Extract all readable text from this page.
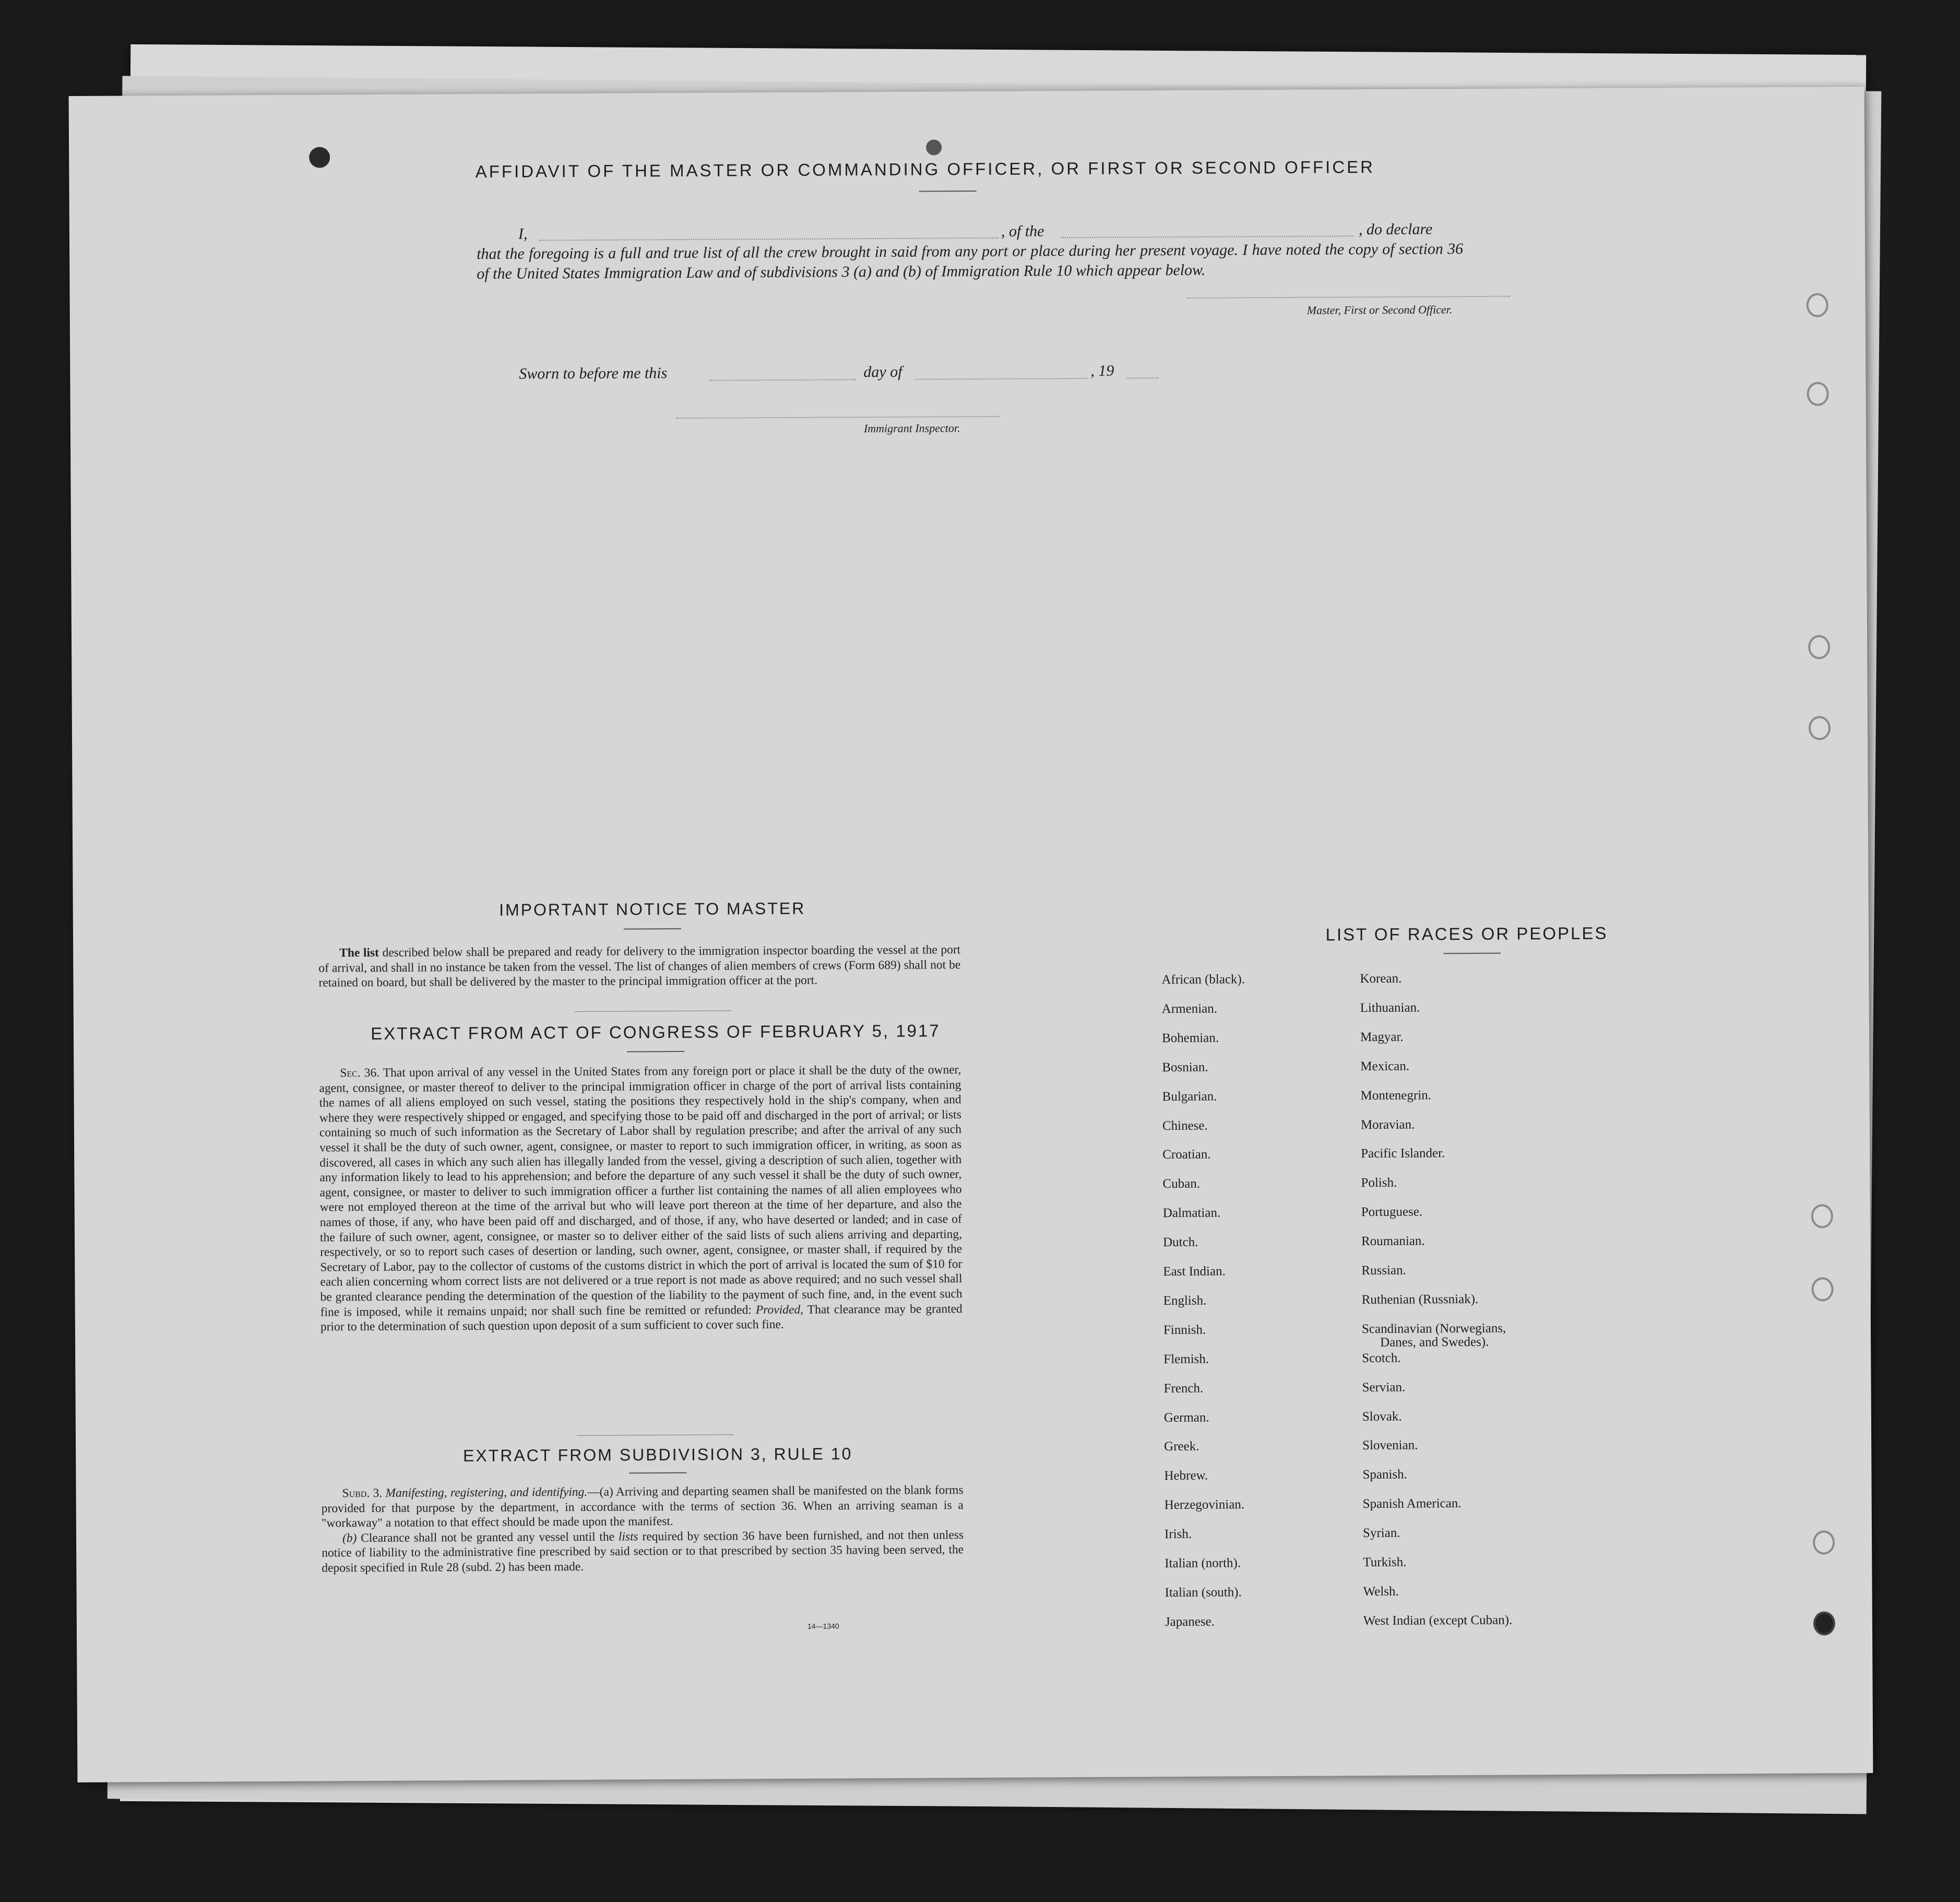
AFFIDAVIT OF THE MASTER OR COMMANDING OFFICER, OR FIRST OR SECOND OFFICER
I,	, of the	, do declare
that the foregoing is a full and true list of all the crew brought in said from any port or place during her present voyage. I have noted the copy of section 36 of the United States Immigration Law and of subdivisions 3 (a) and (b) of Immigration Rule 10 which appear below.
Master, First or Second Officer.
Sworn to before me this	day of	, 19
Immigrant Inspector.
IMPORTANT NOTICE TO MASTER

The list described below shall be prepared and ready for delivery to the immigration inspector boarding the vessel at the port of arrival, and shall in no instance be taken from the vessel. The list of changes of alien members of crews (Form 689) shall not be retained on board, but shall be delivered by the master to the principal immigration officer at the port.

EXTRACT FROM ACT OF CONGRESS OF FEBRUARY 5, 1917

Sec. 36. That upon arrival of any vessel in the United States from any foreign port or place it shall be the duty of the owner, agent, consignee, or master thereof to deliver to the principal immigration officer in charge of the port of arrival lists containing the names of all aliens employed on such vessel, stating the positions they respectively hold in the ship's company, when and where they were respectively shipped or engaged, and specifying those to be paid off and discharged in the port of arrival; or lists containing so much of such information as the Secretary of Labor shall by regulation prescribe; and after the arrival of any such vessel it shall be the duty of such owner, agent, consignee, or master to report to such immigration officer, in writing, as soon as discovered, all cases in which any such alien has illegally landed from the vessel, giving a description of such alien, together with any information likely to lead to his apprehension; and before the departure of any such vessel it shall be the duty of such owner, agent, consignee, or master to deliver to such immigration officer a further list containing the names of all alien employees who were not employed thereon at the time of the arrival but who will leave port thereon at the time of her departure, and also the names of those, if any, who have been paid off and discharged, and of those, if any, who have deserted or landed; and in case of the failure of such owner, agent, consignee, or master so to deliver either of the said lists of such aliens arriving and departing, respectively, or so to report such cases of desertion or landing, such owner, agent, consignee, or master shall, if required by the Secretary of Labor, pay to the collector of customs of the customs district in which the port of arrival is located the sum of $10 for each alien concerning whom correct lists are not delivered or a true report is not made as above required; and no such vessel shall be granted clearance pending the determination of the question of the liability to the payment of such fine, and, in the event such fine is imposed, while it remains unpaid; nor shall such fine be remitted or refunded: Provided, That clearance may be granted prior to the determination of such question upon deposit of a sum sufficient to cover such fine.

EXTRACT FROM SUBDIVISION 3, RULE 10

Subd. 3. Manifesting, registering, and identifying.—(a) Arriving and departing seamen shall be manifested on the blank forms provided for that purpose by the department, in accordance with the terms of section 36. When an arriving seaman is a "workaway" a notation to that effect should be made upon the manifest.

(b) Clearance shall not be granted any vessel until the lists required by section 36 have been furnished, and not then unless notice of liability to the administrative fine prescribed by said section or to that prescribed by section 35 having been served, the deposit specified in Rule 28 (subd. 2) has been made.

14—1340
LIST OF RACES OR PEOPLES
African (black).
Armenian.
Bohemian.
Bosnian.
Bulgarian.
Chinese.
Croatian.
Cuban.
Dalmatian.
Dutch.
East Indian.
English.
Finnish.
Flemish.
French.
German.
Greek.
Hebrew.
Herzegovinian.
Irish.
Italian (north).
Italian (south).
Japanese.
Korean.
Lithuanian.
Magyar.
Mexican.
Montenegrin.
Moravian.
Pacific Islander.
Polish.
Portuguese.
Roumanian.
Russian.
Ruthenian (Russniak).
Scandinavian (Norwegians,
Danes, and Swedes).
Scotch.
Servian.
Slovak.
Slovenian.
Spanish.
Spanish American.
Syrian.
Turkish.
Welsh.
West Indian (except Cuban).
